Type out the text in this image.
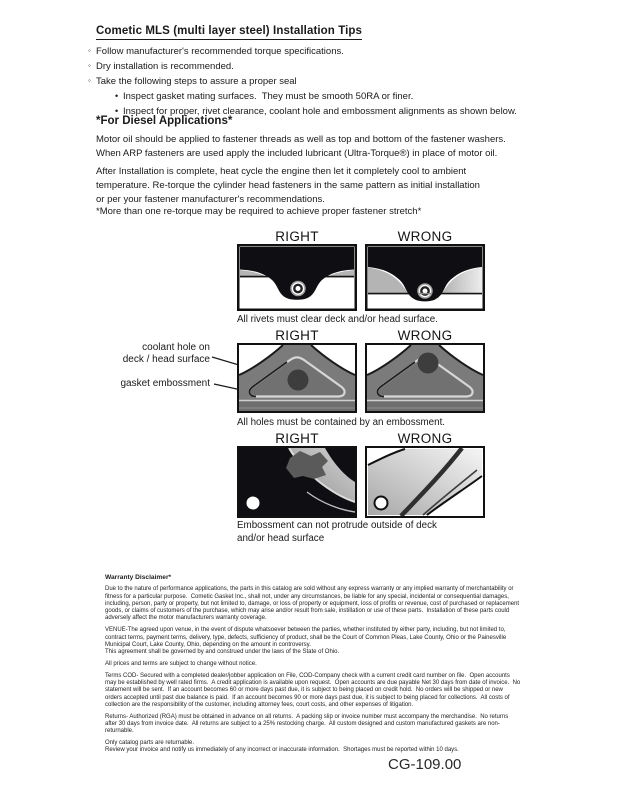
Cometic MLS (multi layer steel) Installation Tips
◦ Follow manufacturer's recommended torque specifications.
◦ Dry installation is recommended.
◦ Take the following steps to assure a proper seal
• Inspect gasket mating surfaces.  They must be smooth 50RA or finer.
• Inspect for proper, rivet clearance, coolant hole and embossment alignments as shown below.
*For Diesel Applications*
Motor oil should be applied to fastener threads as well as top and bottom of the fastener washers.
When ARP fasteners are used apply the included lubricant (Ultra-Torque®) in place of motor oil.
After Installation is complete, heat cycle the engine then let it completely cool to ambient
temperature. Re-torque the cylinder head fasteners in the same pattern as initial installation
or per your fastener manufacturer's recommendations.
*More than one re-torque may be required to achieve proper fastener stretch*
RIGHT	WRONG
All rivets must clear deck and/or head surface.
RIGHT	WRONG
coolant hole on
deck / head surface
gasket embossment
All holes must be contained by an embossment.
RIGHT	WRONG
Embossment can not protrude outside of deck
and/or head surface
Warranty Disclaimer*

Due to the nature of performance applications, the parts in this catalog are sold without any express warranty or any implied warranty of merchantability or fitness for a particular purpose.  Cometic Gasket Inc., shall not, under any circumstances, be liable for any special, incidental or consequential damages, including, person, party or property, but not limited to, damage, or loss of property or equipment, loss of profits or revenue, cost of purchased or replacement goods, or claims of customers of the purchase, which may arise and/or result from sale, instillation or use of these parts.  Installation of these parts could adversely affect the motor manufacturers warranty coverage.

VENUE-The agreed upon venue, in the event of dispute whatsoever between the parties, whether instituted by either party, including, but not limited to, contract terms, payment terms, delivery, type, defects, sufficiency of product, shall be the Court of Common Pleas, Lake County, Ohio or the Painesville Municipal Court, Lake County, Ohio, depending on the amount in controversy.

This agreement shall be governed by and construed under the laws of the State of Ohio.

All prices and terms are subject to change without notice.

Terms COD- Secured with a completed dealer/jobber application on File, COD-Company check with a current credit card number on file.  Open accounts may be established by well rated firms.  A credit application is available upon request.  Open accounts are due payable Net 30 days from date of invoice.  No statement will be sent.  If an account becomes 60 or more days past due, it is subject to being placed on credit hold.  No orders will be shipped or new orders accepted until past due balance is paid.  If an account becomes 90 or more days past due, it is subject to being placed for collections.  All costs of collection are the responsibility of the customer, including attorney fees, court costs, and other expenses of litigation.

Returns- Authorized (RGA) must be obtained in advance on all returns.  A packing slip or invoice number must accompany the merchandise.  No returns after 30 days from invoice date.  All returns are subject to a 25% restocking charge.  All custom designed and custom manufactured gaskets are non-returnable.

Only catalog parts are returnable.

Review your invoice and notify us immediately of any incorrect or inaccurate information.  Shortages must be reported within 10 days.

CG-109.00
